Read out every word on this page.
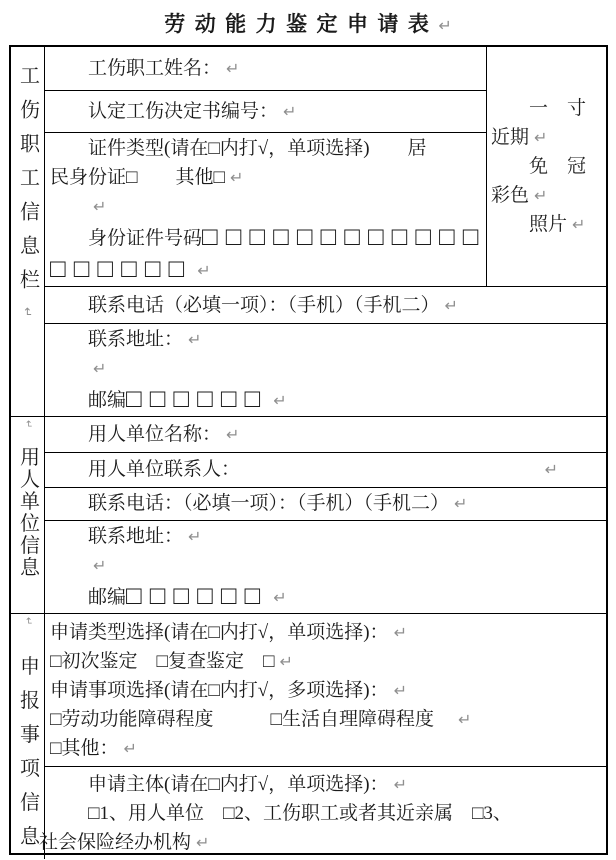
劳动能力鉴定申请表↵
工伤职工信息栏↵
工伤职工姓名： ↵
认定工伤决定书编号： ↵
证件类型(请在□内打√，单项选择)　　居
民身份证□　　其他□ ↵
↵
身份证件号码 □□□□□□□□□□□□
□□□□□□ ↵
一　寸
近期 ↵
免　冠
彩色 ↵
照片 ↵
联系电话（必填一项）：（手机）（手机二） ↵
联系地址： ↵
↵
邮编 □□□□□□ ↵
↵用人单位信息
用人单位名称： ↵
用人单位联系人：	↵
联系电话：（必填一项）：（手机）（手机二） ↵
联系地址： ↵
↵
邮编 □□□□□□ ↵
↵申报事项信息
申请类型选择(请在□内打√，单项选择)： ↵
□初次鉴定　□复查鉴定　□ ↵
申请事项选择(请在□内打√，多项选择)： ↵
□劳动功能障碍程度　　　□生活自理障碍程度　 ↵
□其他： ↵
申请主体(请在□内打√，单项选择)： ↵
□1、用人单位　□2、工伤职工或者其近亲属　□3、
社会保险经办机构 ↵
